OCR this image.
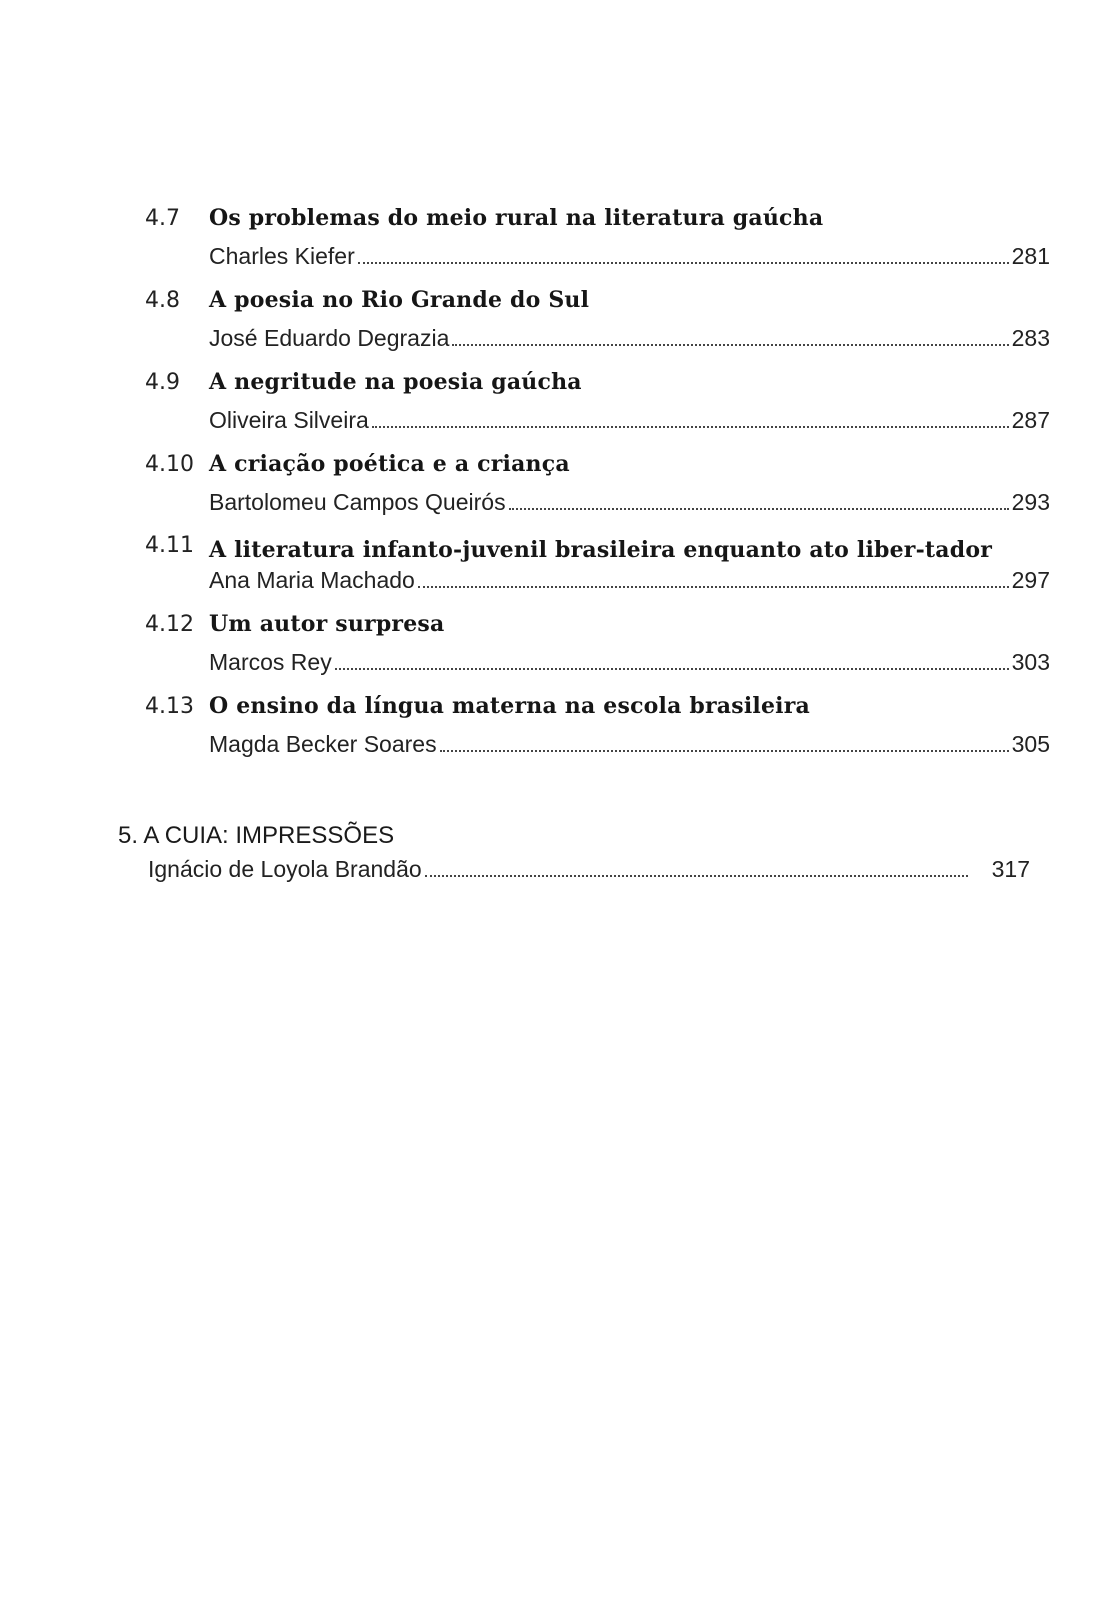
4.7	Os problemas do meio rural na literatura gaúcha
Charles Kiefer	281
4.8	A poesia no Rio Grande do Sul
José Eduardo Degrazia	283
4.9	A negritude na poesia gaúcha
Oliveira Silveira	287
4.10 A criação poética e a criança
Bartolomeu Campos Queirós	293
4.11 A literatura infanto-juvenil brasileira enquanto ato liber-tador
Ana Maria Machado	297
4.12 Um autor surpresa
Marcos Rey	303
4.13 O ensino da língua materna na escola brasileira
Magda Becker Soares	305
5. A CUIA: IMPRESSÕES
Ignácio de Loyola Brandão	317
